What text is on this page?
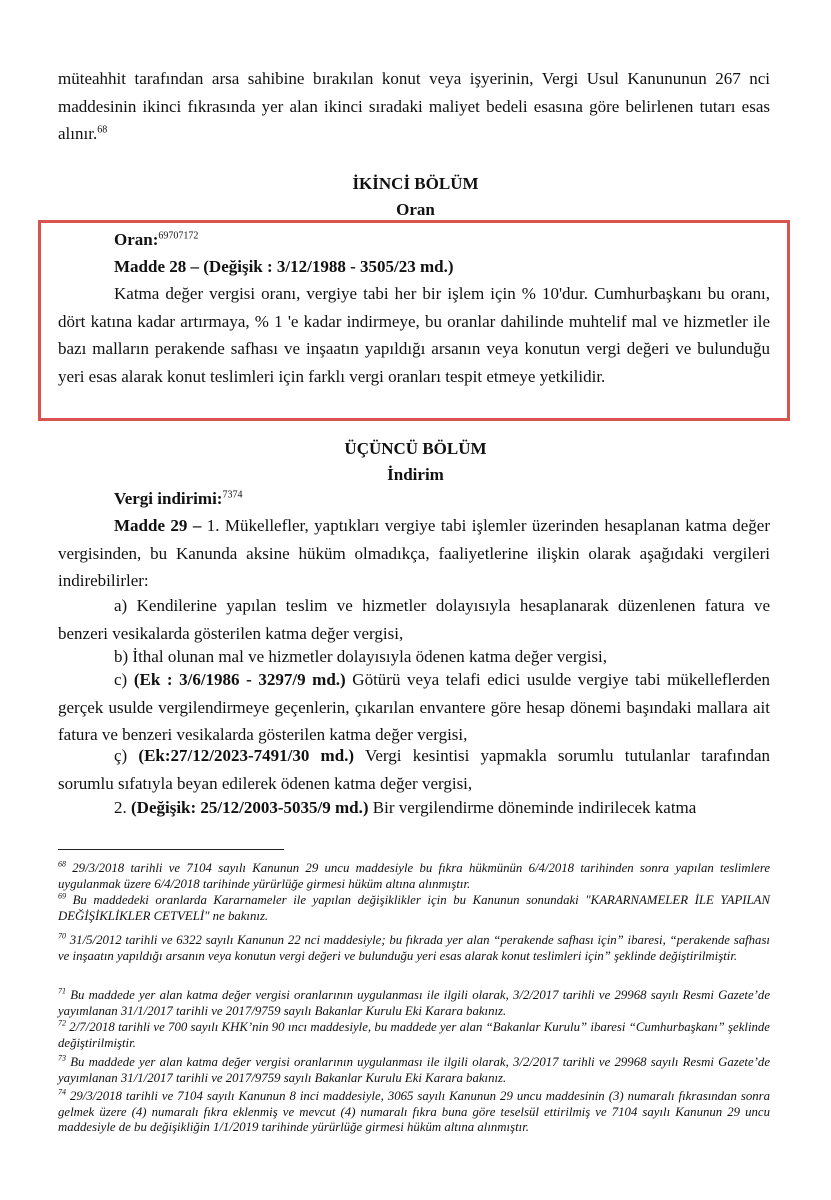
müteahhit tarafından arsa sahibine bırakılan konut veya işyerinin, Vergi Usul Kanununun 267 nci maddesinin ikinci fıkrasında yer alan ikinci sıradaki maliyet bedeli esasına göre belirlenen tutarı esas alınır.$^{68}$

İKİNCİ BÖLÜM

Oran

Oran:$^{69707172}$

Madde 28 – (Değişik : 3/12/1988 - 3505/23 md.)

Katma değer vergisi oranı, vergiye tabi her bir işlem için % 10'dur. Cumhurbaşkanı bu oranı, dört katına kadar artırmaya, % 1 'e kadar indirmeye, bu oranlar dahilinde muhtelif mal ve hizmetler ile bazı malların perakende safhası ve inşaatın yapıldığı arsanın veya konutun vergi değeri ve bulunduğu yeri esas alarak konut teslimleri için farklı vergi oranları tespit etmeye yetkilidir.

ÜÇÜNCÜ BÖLÜM

İndirim

Vergi indirimi:$^{7374}$

Madde 29 – 1. Mükellefler, yaptıkları vergiye tabi işlemler üzerinden hesaplanan katma değer vergisinden, bu Kanunda aksine hüküm olmadıkça, faaliyetlerine ilişkin olarak aşağıdaki vergileri indirebilirler:

a) Kendilerine yapılan teslim ve hizmetler dolayısıyla hesaplanarak düzenlenen fatura ve benzeri vesikalarda gösterilen katma değer vergisi,

b) İthal olunan mal ve hizmetler dolayısıyla ödenen katma değer vergisi,

c) (Ek : 3/6/1986 - 3297/9 md.) Götürü veya telafi edici usulde vergiye tabi mükelleflerden gerçek usulde vergilendirmeye geçenlerin, çıkarılan envantere göre hesap dönemi başındaki mallara ait fatura ve benzeri vesikalarda gösterilen katma değer vergisi,

ç) (Ek:27/12/2023-7491/30 md.) Vergi kesintisi yapmakla sorumlu tutulanlar tarafından sorumlu sıfatıyla beyan edilerek ödenen katma değer vergisi,

2. (Değişik: 25/12/2003-5035/9 md.) Bir vergilendirme döneminde indirilecek katma

$^{68}$ 29/3/2018 tarihli ve 7104 sayılı Kanunun 29 uncu maddesiyle bu fıkra hükmünün 6/4/2018 tarihinden sonra yapılan teslimlere uygulanmak üzere 6/4/2018 tarihinde yürürlüğe girmesi hüküm altına alınmıştır.

$^{69}$ Bu maddedeki oranlarda Kararnameler ile yapılan değişiklikler için bu Kanunun sonundaki "KARARNAMELER İLE YAPILAN DEĞİŞİKLİKLER CETVELİ" ne bakınız.

$^{70}$ 31/5/2012 tarihli ve 6322 sayılı Kanunun 22 nci maddesiyle; bu fıkrada yer alan “perakende safhası için” ibaresi, “perakende safhası ve inşaatın yapıldığı arsanın veya konutun vergi değeri ve bulunduğu yeri esas alarak konut teslimleri için” şeklinde değiştirilmiştir.

$^{71}$ Bu maddede yer alan katma değer vergisi oranlarının uygulanması ile ilgili olarak, 3/2/2017 tarihli ve 29968 sayılı Resmi Gazete’de yayımlanan 31/1/2017 tarihli ve 2017/9759 sayılı Bakanlar Kurulu Eki Karara bakınız.

$^{72}$ 2/7/2018 tarihli ve 700 sayılı KHK’nin 90 ıncı maddesiyle, bu maddede yer alan “Bakanlar Kurulu” ibaresi “Cumhurbaşkanı” şeklinde değiştirilmiştir.

$^{73}$ Bu maddede yer alan katma değer vergisi oranlarının uygulanması ile ilgili olarak, 3/2/2017 tarihli ve 29968 sayılı Resmi Gazete’de yayımlanan 31/1/2017 tarihli ve 2017/9759 sayılı Bakanlar Kurulu Eki Karara bakınız.

$^{74}$ 29/3/2018 tarihli ve 7104 sayılı Kanunun 8 inci maddesiyle, 3065 sayılı Kanunun 29 uncu maddesinin (3) numaralı fıkrasından sonra gelmek üzere (4) numaralı fıkra eklenmiş ve mevcut (4) numaralı fıkra buna göre teselsül ettirilmiş ve 7104 sayılı Kanunun 29 uncu maddesiyle de bu değişikliğin 1/1/2019 tarihinde yürürlüğe girmesi hüküm altına alınmıştır.
